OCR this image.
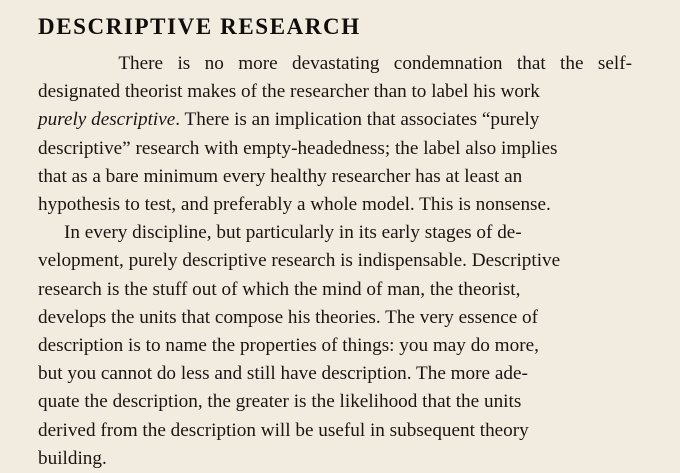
DESCRIPTIVE RESEARCH
There   is   no   more   devastating   condemnation   that   the   self-
designated theorist makes of the researcher than to label his work
purely descriptive. There is an implication that associates “purely
descriptive” research with empty-headedness; the label also implies
that as a bare minimum every healthy researcher has at least an
hypothesis to test, and preferably a whole model. This is nonsense.
In every discipline, but particularly in its early stages of de-
velopment, purely descriptive research is indispensable. Descriptive
research is the stuff out of which the mind of man, the theorist,
develops the units that compose his theories. The very essence of
description is to name the properties of things: you may do more,
but you cannot do less and still have description. The more ade-
quate the description, the greater is the likelihood that the units
derived from the description will be useful in subsequent theory
building.
